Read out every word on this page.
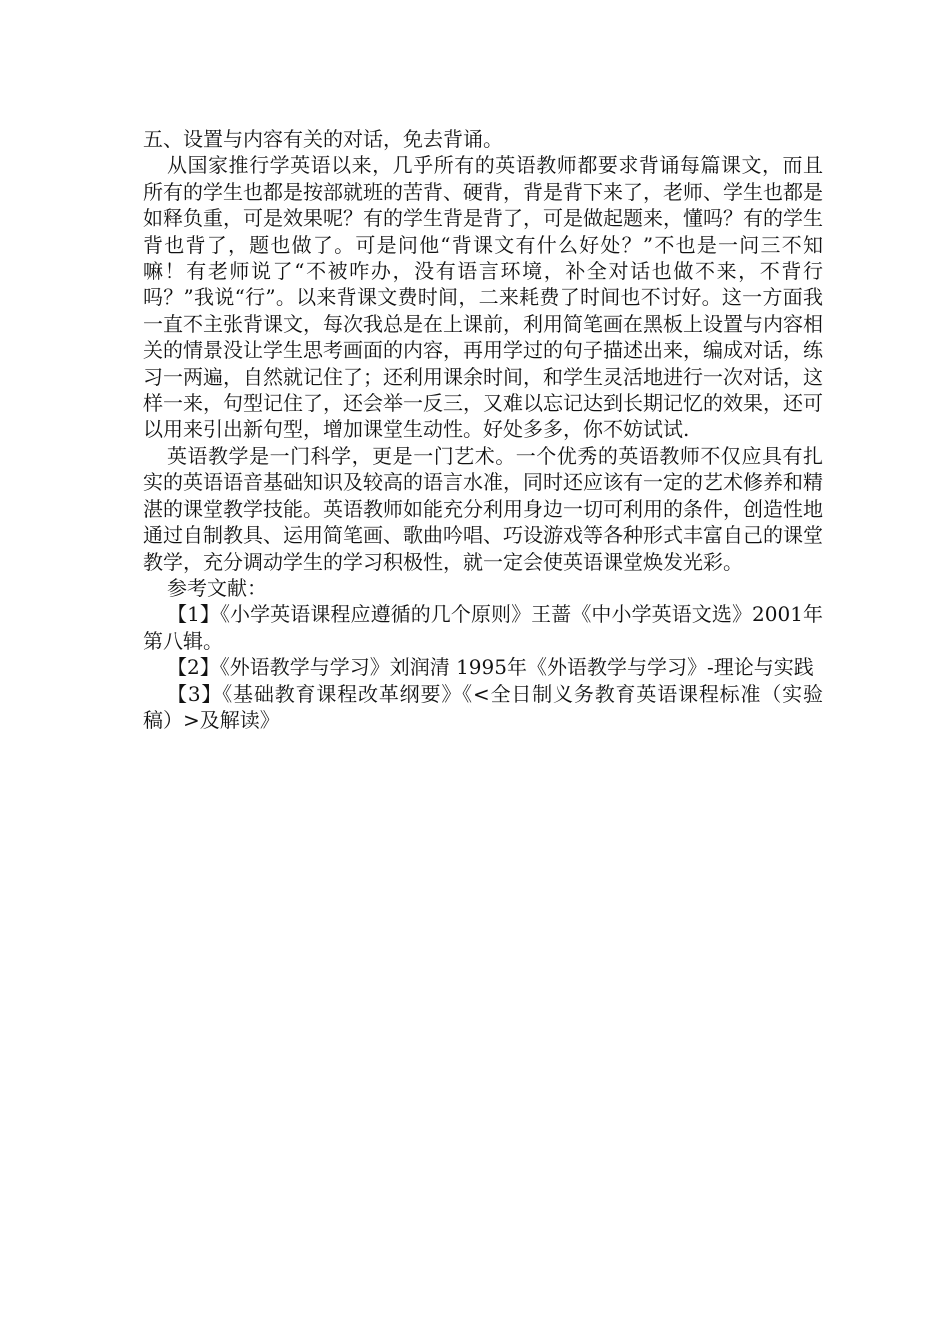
五、设置与内容有关的对话，免去背诵。

从国家推行学英语以来，几乎所有的英语教师都要求背诵每篇课文，而且所有的学生也都是按部就班的苦背、硬背，背是背下来了，老师、学生也都是如释负重，可是效果呢？有的学生背是背了，可是做起题来，懂吗？有的学生背也背了，题也做了。可是问他“背课文有什么好处？”不也是一问三不知嘛！有老师说了“不被咋办，没有语言环境，补全对话也做不来，不背行吗？”我说“行”。以来背课文费时间，二来耗费了时间也不讨好。这一方面我一直不主张背课文，每次我总是在上课前，利用简笔画在黑板上设置与内容相关的情景没让学生思考画面的内容，再用学过的句子描述出来，编成对话，练习一两遍，自然就记住了；还利用课余时间，和学生灵活地进行一次对话，这样一来，句型记住了，还会举一反三，又难以忘记达到长期记忆的效果，还可以用来引出新句型，增加课堂生动性。好处多多，你不妨试试.

英语教学是一门科学，更是一门艺术。一个优秀的英语教师不仅应具有扎实的英语语音基础知识及较高的语言水准，同时还应该有一定的艺术修养和精湛的课堂教学技能。英语教师如能充分利用身边一切可利用的条件，创造性地通过自制教具、运用简笔画、歌曲吟唱、巧设游戏等各种形式丰富自己的课堂教学，充分调动学生的学习积极性，就一定会使英语课堂焕发光彩。

参考文献：

【1】《小学英语课程应遵循的几个原则》王蔷《中小学英语文选》2001年第八辑。

【2】《外语教学与学习》刘润清 1995年《外语教学与学习》-理论与实践

【3】《基础教育课程改革纲要》《<全日制义务教育英语课程标准（实验稿）>及解读》
